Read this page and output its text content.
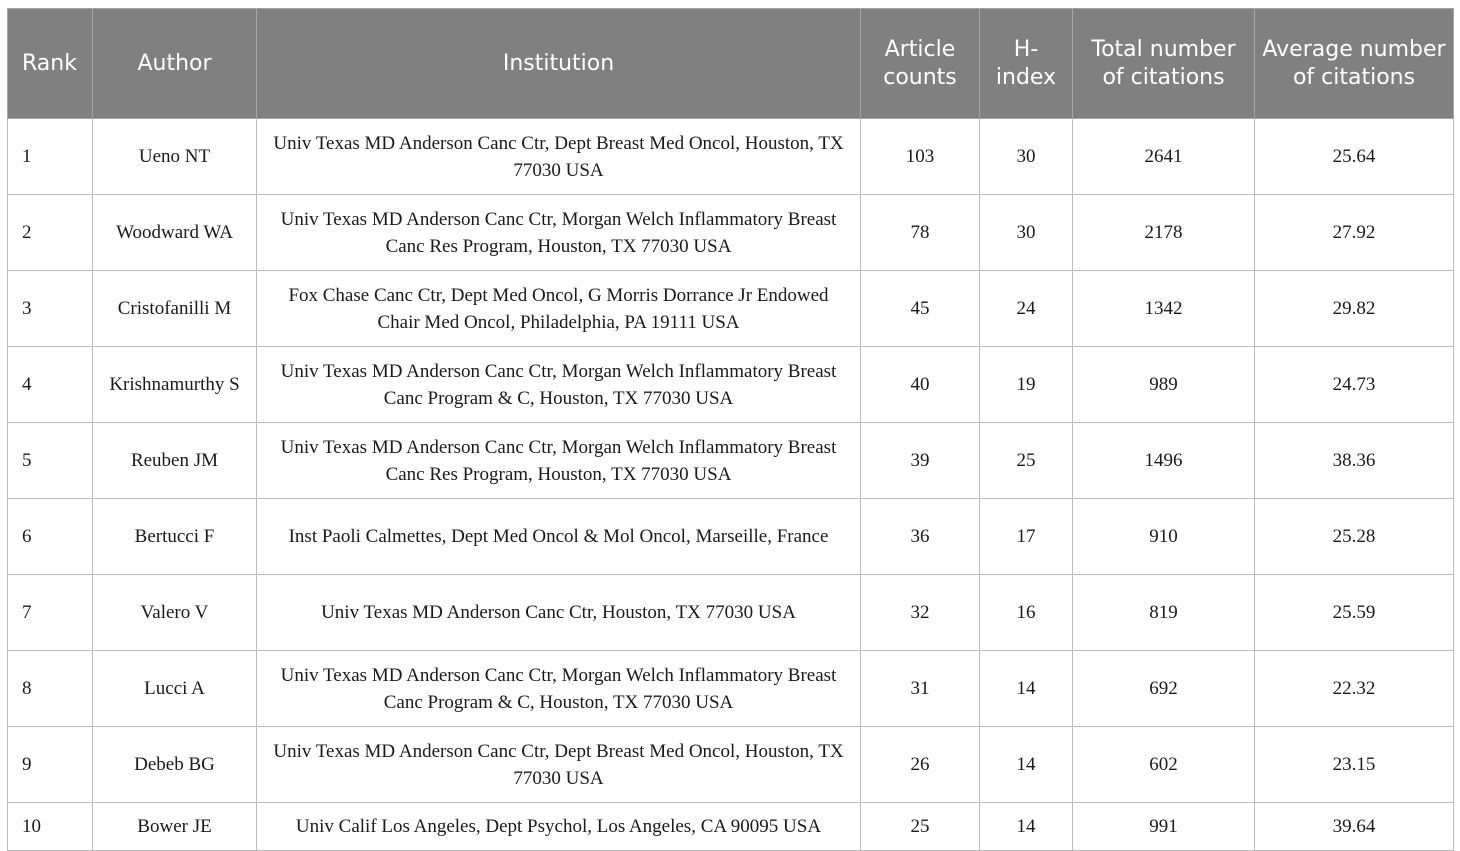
Rank	Author	Institution	Article counts	H-index	Total number of citations	Average number of citations
1	Ueno NT	Univ Texas MD Anderson Canc Ctr, Dept Breast Med Oncol, Houston, TX 77030 USA	103	30	2641	25.64
2	Woodward WA	Univ Texas MD Anderson Canc Ctr, Morgan Welch Inflammatory Breast Canc Res Program, Houston, TX 77030 USA	78	30	2178	27.92
3	Cristofanilli M	Fox Chase Canc Ctr, Dept Med Oncol, G Morris Dorrance Jr Endowed Chair Med Oncol, Philadelphia, PA 19111 USA	45	24	1342	29.82
4	Krishnamurthy S	Univ Texas MD Anderson Canc Ctr, Morgan Welch Inflammatory Breast Canc Program & C, Houston, TX 77030 USA	40	19	989	24.73
5	Reuben JM	Univ Texas MD Anderson Canc Ctr, Morgan Welch Inflammatory Breast Canc Res Program, Houston, TX 77030 USA	39	25	1496	38.36
6	Bertucci F	Inst Paoli Calmettes, Dept Med Oncol & Mol Oncol, Marseille, France	36	17	910	25.28
7	Valero V	Univ Texas MD Anderson Canc Ctr, Houston, TX 77030 USA	32	16	819	25.59
8	Lucci A	Univ Texas MD Anderson Canc Ctr, Morgan Welch Inflammatory Breast Canc Program & C, Houston, TX 77030 USA	31	14	692	22.32
9	Debeb BG	Univ Texas MD Anderson Canc Ctr, Dept Breast Med Oncol, Houston, TX 77030 USA	26	14	602	23.15
10	Bower JE	Univ Calif Los Angeles, Dept Psychol, Los Angeles, CA 90095 USA	25	14	991	39.64
